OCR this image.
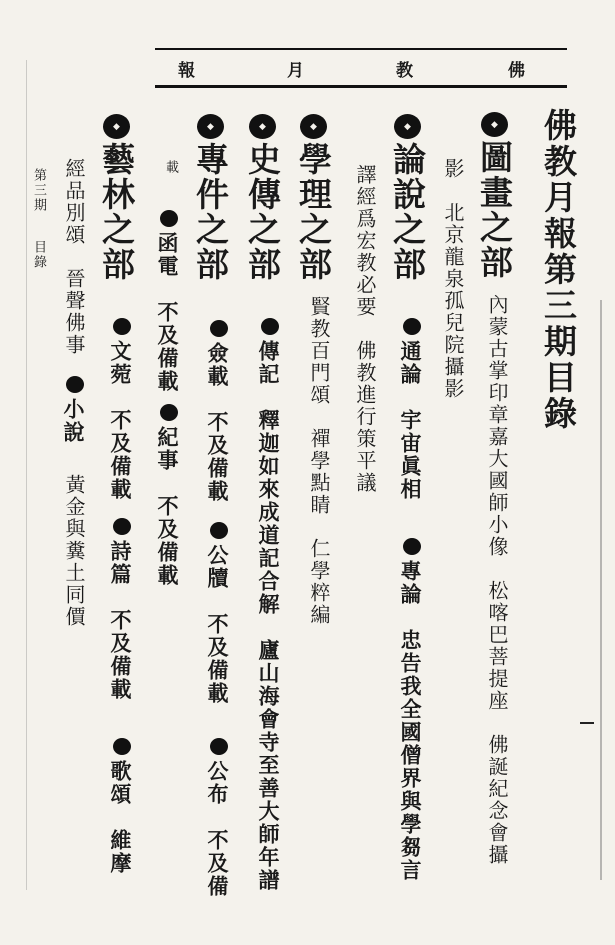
佛
教
月
報
佛教月報第三期目錄
◆
圖畫之部
內蒙古掌印章嘉大國師小像　松喀巴菩提座　佛誕紀念會攝
影　北京龍泉孤兒院攝影
◆
論說之部
通論　宇宙眞相
專論　忠告我全國僧界與學芻言
譯經爲宏教必要　佛教進行策平議
◆
學理之部
賢教百門頌　禪學點睛　仁學粹編
◆
史傳之部
傳記　釋迦如來成道記合解　廬山海會寺至善大師年譜
◆
專件之部
僉載　不及備載
公牘　不及備載
公布　不及備
載
函電　不及備載
紀事　不及備載
◆
藝林之部
文菀　不及備載
詩篇　不及備載
歌頌　維摩
經品別頌　晉聲佛事
小說
黃金與糞土同價
第三期
目錄
